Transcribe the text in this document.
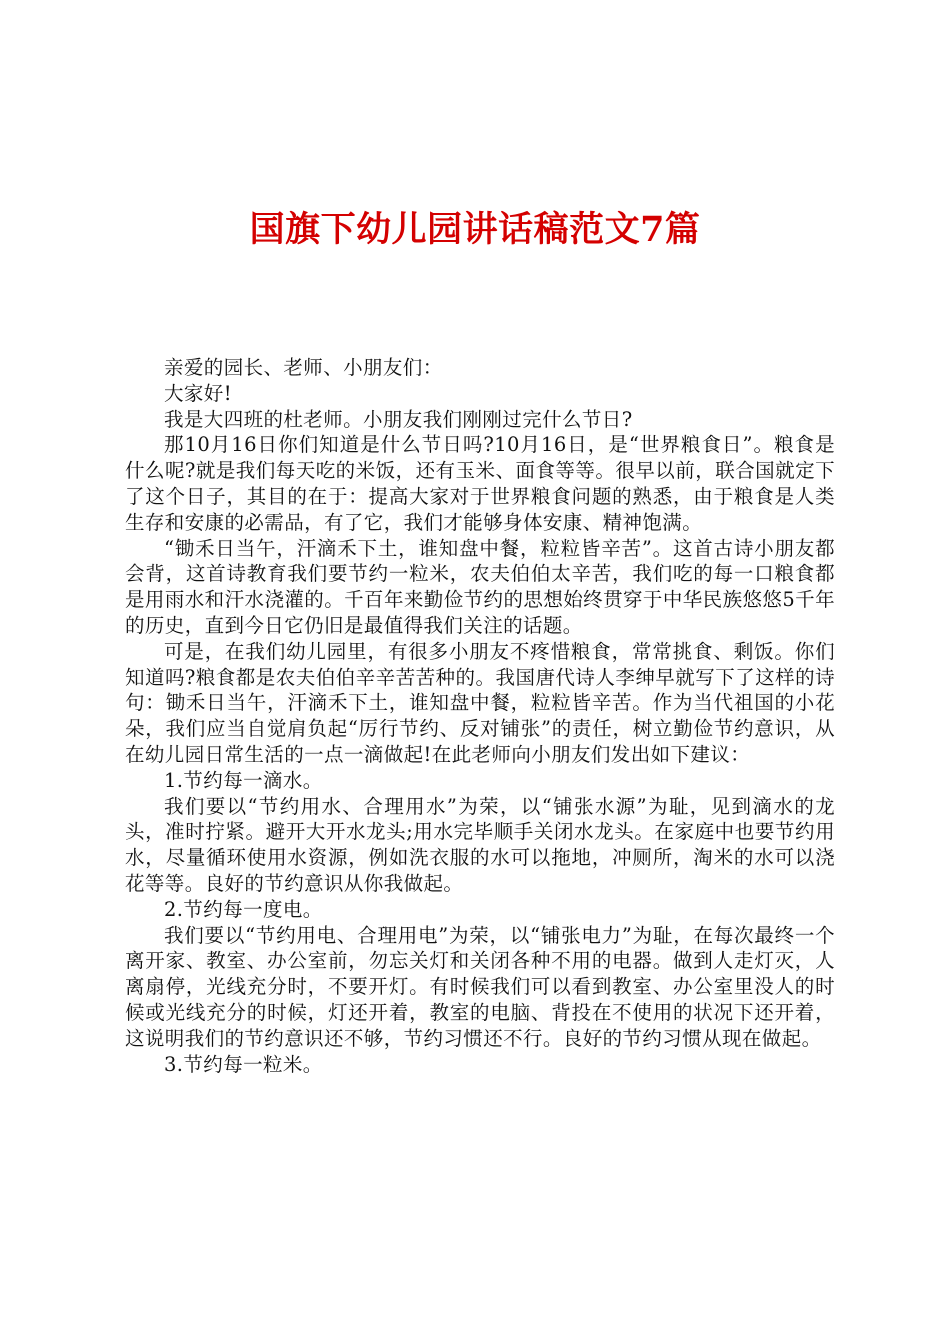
国旗下幼儿园讲话稿范文7篇

亲爱的园长、老师、小朋友们：

大家好!

我是大四班的杜老师。小朋友我们刚刚过完什么节日?

那10月16日你们知道是什么节日吗?10月16日，是“世界粮食日”。粮食是什么呢?就是我们每天吃的米饭，还有玉米、面食等等。很早以前，联合国就定下了这个日子，其目的在于：提高大家对于世界粮食问题的熟悉，由于粮食是人类生存和安康的必需品，有了它，我们才能够身体安康、精神饱满。

“锄禾日当午，汗滴禾下土，谁知盘中餐，粒粒皆辛苦”。这首古诗小朋友都会背，这首诗教育我们要节约一粒米，农夫伯伯太辛苦，我们吃的每一口粮食都是用雨水和汗水浇灌的。千百年来勤俭节约的思想始终贯穿于中华民族悠悠5千年的历史，直到今日它仍旧是最值得我们关注的话题。

可是，在我们幼儿园里，有很多小朋友不疼惜粮食，常常挑食、剩饭。你们知道吗?粮食都是农夫伯伯辛辛苦苦种的。我国唐代诗人李绅早就写下了这样的诗句：锄禾日当午，汗滴禾下土，谁知盘中餐，粒粒皆辛苦。作为当代祖国的小花朵，我们应当自觉肩负起“厉行节约、反对铺张”的责任，树立勤俭节约意识，从在幼儿园日常生活的一点一滴做起!在此老师向小朋友们发出如下建议：

1.节约每一滴水。

我们要以“节约用水、合理用水”为荣，以“铺张水源”为耻，见到滴水的龙头，准时拧紧。避开大开水龙头;用水完毕顺手关闭水龙头。在家庭中也要节约用水，尽量循环使用水资源，例如洗衣服的水可以拖地，冲厕所，淘米的水可以浇花等等。良好的节约意识从你我做起。

2.节约每一度电。

我们要以“节约用电、合理用电”为荣，以“铺张电力”为耻，在每次最终一个离开家、教室、办公室前，勿忘关灯和关闭各种不用的电器。做到人走灯灭，人离扇停，光线充分时，不要开灯。有时候我们可以看到教室、办公室里没人的时候或光线充分的时候，灯还开着，教室的电脑、背投在不使用的状况下还开着，这说明我们的节约意识还不够，节约习惯还不行。良好的节约习惯从现在做起。

3.节约每一粒米。
